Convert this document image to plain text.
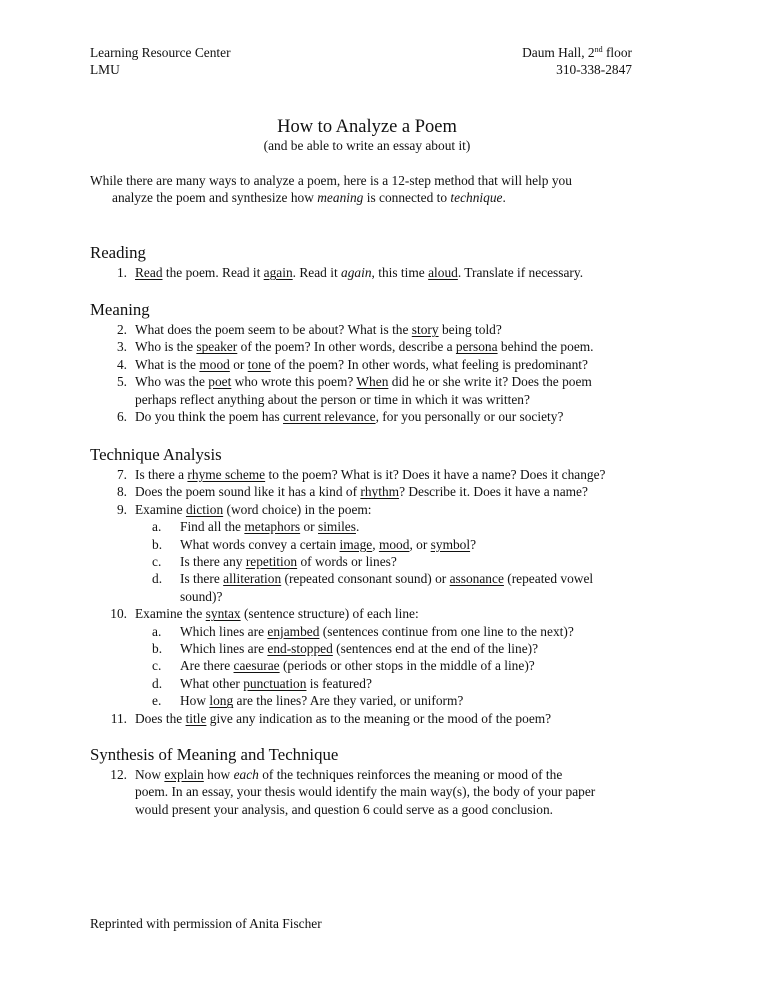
Learning Resource Center
LMU
Daum Hall, 2nd floor
310-338-2847
How to Analyze a Poem
(and be able to write an essay about it)
While there are many ways to analyze a poem, here is a 12-step method that will help you
analyze the poem and synthesize how meaning is connected to technique.
Reading
1. Read the poem. Read it again. Read it again, this time aloud. Translate if necessary.
Meaning
2. What does the poem seem to be about? What is the story being told?
3. Who is the speaker of the poem? In other words, describe a persona behind the poem.
4. What is the mood or tone of the poem? In other words, what feeling is predominant?
5. Who was the poet who wrote this poem? When did he or she write it? Does the poem
perhaps reflect anything about the person or time in which it was written?
6. Do you think the poem has current relevance, for you personally or our society?
Technique Analysis
7. Is there a rhyme scheme to the poem? What is it? Does it have a name? Does it change?
8. Does the poem sound like it has a kind of rhythm? Describe it. Does it have a name?
9. Examine diction (word choice) in the poem:
a.	Find all the metaphors or similes.
b.	What words convey a certain image, mood, or symbol?
c.	Is there any repetition of words or lines?
d.	Is there alliteration (repeated consonant sound) or assonance (repeated vowel
sound)?
10. Examine the syntax (sentence structure) of each line:
a.	Which lines are enjambed (sentences continue from one line to the next)?
b.	Which lines are end-stopped (sentences end at the end of the line)?
c.	Are there caesurae (periods or other stops in the middle of a line)?
d.	What other punctuation is featured?
e.	How long are the lines? Are they varied, or uniform?
11. Does the title give any indication as to the meaning or the mood of the poem?
Synthesis of Meaning and Technique
12. Now explain how each of the techniques reinforces the meaning or mood of the
poem. In an essay, your thesis would identify the main way(s), the body of your paper
would present your analysis, and question 6 could serve as a good conclusion.
Reprinted with permission of Anita Fischer
